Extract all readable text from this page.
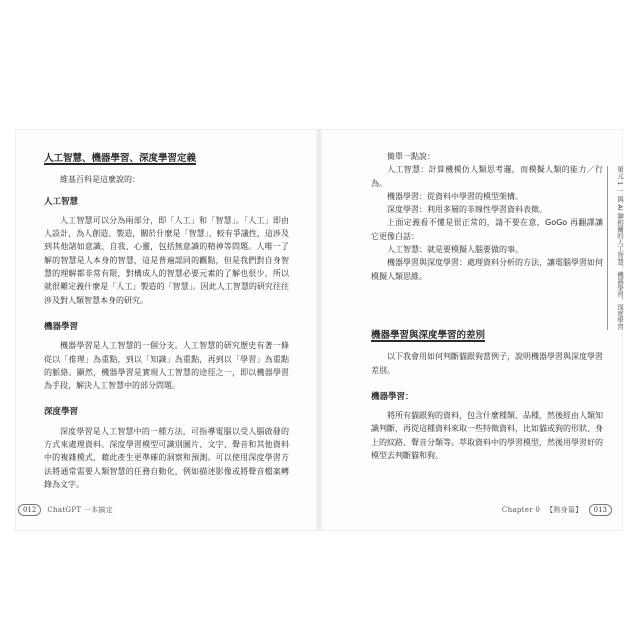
人工智慧、機器學習、深度學習定義

維基百科是這麼說的：

人工智慧

人工智慧可以分為兩部分，即「人工」和「智慧」。「人工」即由人設計，為人創造、製造，關於什麼是「智慧」，較有爭議性，這涉及到其他諸如意識、自我、心靈，包括無意識的精神等問題。人唯一了解的智慧是人本身的智慧，這是普遍認同的觀點，但是我們對自身智慧的理解都非常有限，對構成人的智慧必要元素的了解也很少，所以就很難定義什麼是「人工」製造的「智慧」。因此人工智慧的研究往往涉及對人類智慧本身的研究。

機器學習

機器學習是人工智慧的一個分支。人工智慧的研究歷史有著一條從以「推理」為重點，到以「知識」為重點，再到以「學習」為重點的脈絡。顯然，機器學習是實現人工智慧的途徑之一，即以機器學習為手段，解決人工智慧中的部分問題。

深度學習

深度學習是人工智慧中的一種方法，可指導電腦以受人腦啟發的方式來處理資料。深度學習模型可識別圖片、文字、聲音和其他資料中的複雜模式，藉此產生更準確的洞察和預測。可以使用深度學習方法將通常需要人類智慧的任務自動化，例如描述影像或將聲音檔案轉錄為文字。

012	ChatGPT 一本搞定

簡單一點說：

人工智慧：計算機模仿人類思考邏，而模擬人類的能力／行為。

機器學習：從資料中學習的模型架構。

深度學習：利用多層的非線性學習資料表徵。

上面定義看不懂是很正常的，請不要在意，GoGo 再翻譯讓它更像白話：

人工智慧：就是要模擬人腦要做的事。

機器學習與深度學習：處理資料分析的方法，讓電腦學習如何模擬人類思維。

機器學習與深度學習的差別

以下我會用如何判斷貓跟狗當例子，說明機器學習與深度學習差別。

機器學習：

將所有貓跟狗的資料，包含什麼種類、品種，然後經由人類知識判斷，再從這種資料來取一些特徵資料，比如貓或狗的形狀、身上的紋路、聲音分類等。萃取資料中的學習模型，然後用學習好的模型去判斷貓和狗。

單元 1 ｜ 與 AI 聊相關的人工智慧、機器學習、深度學習
Chapter 0 【熱身篇】	013
